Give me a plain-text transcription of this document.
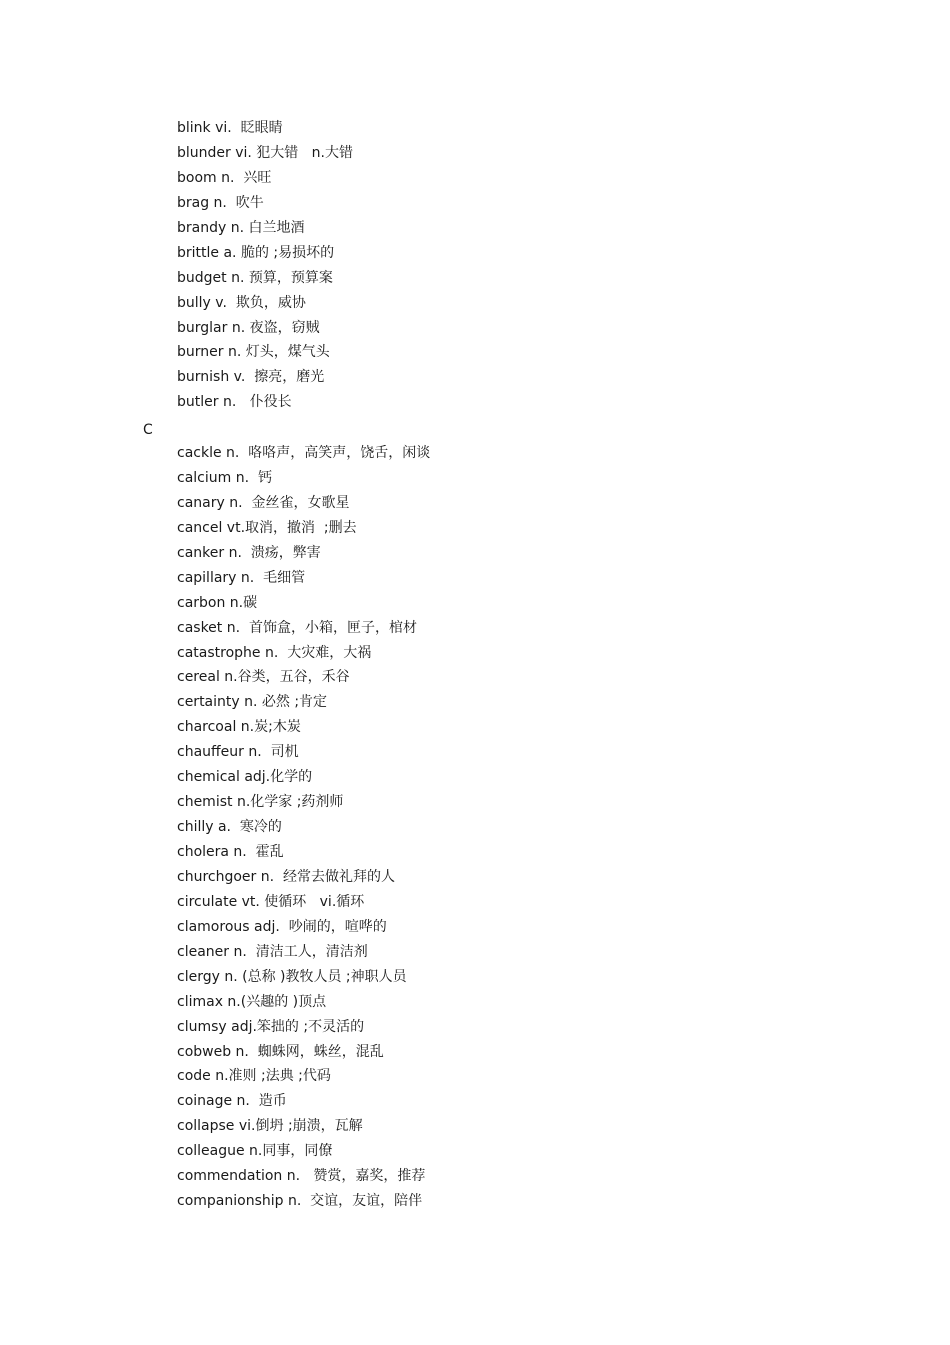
blink vi.  眨眼睛
blunder vi. 犯大错   n.大错
boom n.  兴旺
brag n.  吹牛
brandy n. 白兰地酒
brittle a. 脆的 ;易损坏的
budget n. 预算，预算案
bully v.  欺负，威协
burglar n. 夜盗，窃贼
burner n. 灯头，煤气头
burnish v.  擦亮，磨光
butler n.   仆役长
C
cackle n.  咯咯声，高笑声，饶舌，闲谈
calcium n.  钙
canary n.  金丝雀，女歌星
cancel vt.取消，撤消  ;删去
canker n.  溃疡，弊害
capillary n.  毛细管
carbon n.碳
casket n.  首饰盒，小箱，匣子，棺材
catastrophe n.  大灾难，大祸
cereal n.谷类，五谷，禾谷
certainty n. 必然 ;肯定
charcoal n.炭;木炭
chauffeur n.  司机
chemical adj.化学的
chemist n.化学家 ;药剂师
chilly a.  寒冷的
cholera n.  霍乱
churchgoer n.  经常去做礼拜的人
circulate vt. 使循环   vi.循环
clamorous adj.  吵闹的，喧哗的
cleaner n.  清洁工人，清洁剂
clergy n. (总称 )教牧人员 ;神职人员
climax n.(兴趣的 )顶点
clumsy adj.笨拙的 ;不灵活的
cobweb n.  蜘蛛网，蛛丝，混乱
code n.准则 ;法典 ;代码
coinage n.  造币
collapse vi.倒坍 ;崩溃，瓦解
colleague n.同事，同僚
commendation n.   赞赏，嘉奖，推荐
companionship n.  交谊，友谊，陪伴
